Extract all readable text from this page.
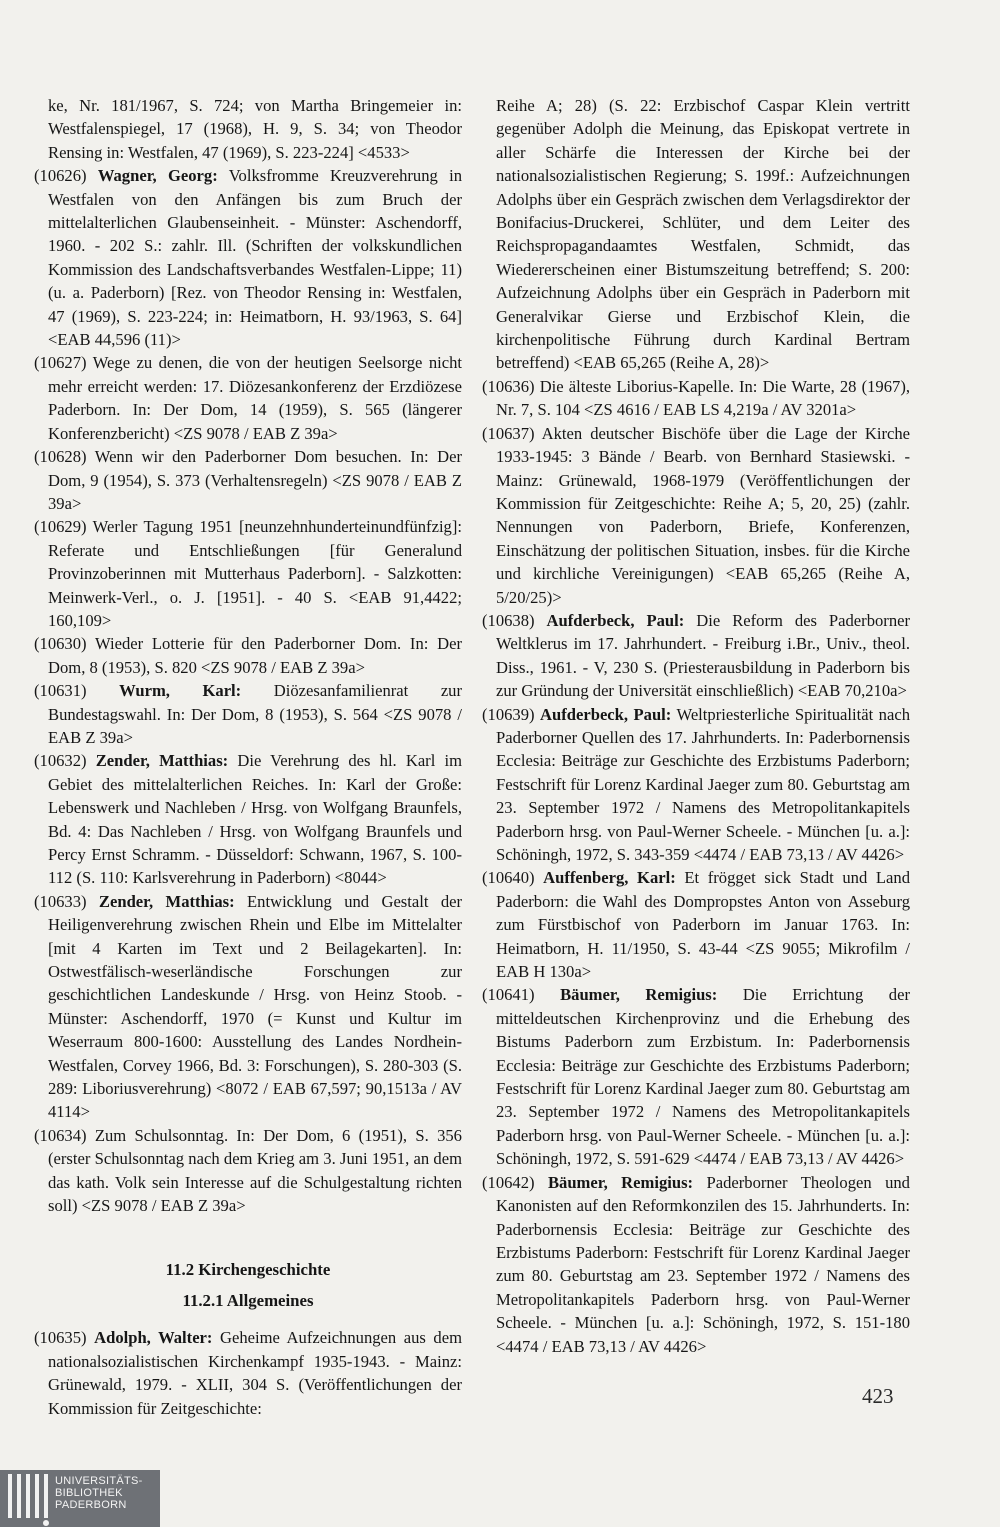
ke, Nr. 181/1967, S. 724; von Martha Bringemeier in: Westfalenspiegel, 17 (1968), H. 9, S. 34; von Theodor Rensing in: Westfalen, 47 (1969), S. 223-224] <4533>

(10626) Wagner, Georg: Volksfromme Kreuzverehrung in Westfalen von den Anfängen bis zum Bruch der mittelalterlichen Glaubenseinheit. - Münster: Aschendorff, 1960. - 202 S.: zahlr. Ill. (Schriften der volkskundlichen Kommission des Landschaftsverbandes Westfalen-Lippe; 11) (u. a. Paderborn) [Rez. von Theodor Rensing in: Westfalen, 47 (1969), S. 223-224; in: Heimatborn, H. 93/1963, S. 64] <EAB 44,596 (11)>

(10627) Wege zu denen, die von der heutigen Seelsorge nicht mehr erreicht werden: 17. Diözesankonferenz der Erzdiözese Paderborn. In: Der Dom, 14 (1959), S. 565 (längerer Konferenzbericht) <ZS 9078 / EAB Z 39a>

(10628) Wenn wir den Paderborner Dom besuchen. In: Der Dom, 9 (1954), S. 373 (Verhaltensregeln) <ZS 9078 / EAB Z 39a>

(10629) Werler Tagung 1951 [neunzehnhunderteinundfünfzig]: Referate und Entschließungen [für Generalund Provinzoberinnen mit Mutterhaus Paderborn]. - Salzkotten: Meinwerk-Verl., o. J. [1951]. - 40 S. <EAB 91,4422; 160,109>

(10630) Wieder Lotterie für den Paderborner Dom. In: Der Dom, 8 (1953), S. 820 <ZS 9078 / EAB Z 39a>

(10631) Wurm, Karl: Diözesanfamilienrat zur Bundestagswahl. In: Der Dom, 8 (1953), S. 564 <ZS 9078 / EAB Z 39a>

(10632) Zender, Matthias: Die Verehrung des hl. Karl im Gebiet des mittelalterlichen Reiches. In: Karl der Große: Lebenswerk und Nachleben / Hrsg. von Wolfgang Braunfels, Bd. 4: Das Nachleben / Hrsg. von Wolfgang Braunfels und Percy Ernst Schramm. - Düsseldorf: Schwann, 1967, S. 100-112 (S. 110: Karlsverehrung in Paderborn) <8044>

(10633) Zender, Matthias: Entwicklung und Gestalt der Heiligenverehrung zwischen Rhein und Elbe im Mittelalter [mit 4 Karten im Text und 2 Beilagekarten]. In: Ostwestfälisch-weserländische Forschungen zur geschichtlichen Landeskunde / Hrsg. von Heinz Stoob. - Münster: Aschendorff, 1970 (= Kunst und Kultur im Weserraum 800-1600: Ausstellung des Landes Nordhein-Westfalen, Corvey 1966, Bd. 3: Forschungen), S. 280-303 (S. 289: Liboriusverehrung) <8072 / EAB 67,597; 90,1513a / AV 4114>

(10634) Zum Schulsonntag. In: Der Dom, 6 (1951), S. 356 (erster Schulsonntag nach dem Krieg am 3. Juni 1951, an dem das kath. Volk sein Interesse auf die Schulgestaltung richten soll) <ZS 9078 / EAB Z 39a>

11.2 Kirchengeschichte

11.2.1 Allgemeines

(10635) Adolph, Walter: Geheime Aufzeichnungen aus dem nationalsozialistischen Kirchenkampf 1935-1943. - Mainz: Grünewald, 1979. - XLII, 304 S. (Veröffentlichungen der Kommission für Zeitgeschichte:

Reihe A; 28) (S. 22: Erzbischof Caspar Klein vertritt gegenüber Adolph die Meinung, das Episkopat vertrete in aller Schärfe die Interessen der Kirche bei der nationalsozialistischen Regierung; S. 199f.: Aufzeichnungen Adolphs über ein Gespräch zwischen dem Verlagsdirektor der Bonifacius-Druckerei, Schlüter, und dem Leiter des Reichspropagandaamtes Westfalen, Schmidt, das Wiedererscheinen einer Bistumszeitung betreffend; S. 200: Aufzeichnung Adolphs über ein Gespräch in Paderborn mit Generalvikar Gierse und Erzbischof Klein, die kirchenpolitische Führung durch Kardinal Bertram betreffend) <EAB 65,265 (Reihe A, 28)>

(10636) Die älteste Liborius-Kapelle. In: Die Warte, 28 (1967), Nr. 7, S. 104 <ZS 4616 / EAB LS 4,219a / AV 3201a>

(10637) Akten deutscher Bischöfe über die Lage der Kirche 1933-1945: 3 Bände / Bearb. von Bernhard Stasiewski. - Mainz: Grünewald, 1968-1979 (Veröffentlichungen der Kommission für Zeitgeschichte: Reihe A; 5, 20, 25) (zahlr. Nennungen von Paderborn, Briefe, Konferenzen, Einschätzung der politischen Situation, insbes. für die Kirche und kirchliche Vereinigungen) <EAB 65,265 (Reihe A, 5/20/25)>

(10638) Aufderbeck, Paul: Die Reform des Paderborner Weltklerus im 17. Jahrhundert. - Freiburg i.Br., Univ., theol. Diss., 1961. - V, 230 S. (Priesterausbildung in Paderborn bis zur Gründung der Universität einschließlich) <EAB 70,210a>

(10639) Aufderbeck, Paul: Weltpriesterliche Spiritualität nach Paderborner Quellen des 17. Jahrhunderts. In: Paderbornensis Ecclesia: Beiträge zur Geschichte des Erzbistums Paderborn; Festschrift für Lorenz Kardinal Jaeger zum 80. Geburtstag am 23. September 1972 / Namens des Metropolitankapitels Paderborn hrsg. von Paul-Werner Scheele. - München [u. a.]: Schöningh, 1972, S. 343-359 <4474 / EAB 73,13 / AV 4426>

(10640) Auffenberg, Karl: Et frögget sick Stadt und Land Paderborn: die Wahl des Dompropstes Anton von Asseburg zum Fürstbischof von Paderborn im Januar 1763. In: Heimatborn, H. 11/1950, S. 43-44 <ZS 9055; Mikrofilm / EAB H 130a>

(10641) Bäumer, Remigius: Die Errichtung der mitteldeutschen Kirchenprovinz und die Erhebung des Bistums Paderborn zum Erzbistum. In: Paderbornensis Ecclesia: Beiträge zur Geschichte des Erzbistums Paderborn; Festschrift für Lorenz Kardinal Jaeger zum 80. Geburtstag am 23. September 1972 / Namens des Metropolitankapitels Paderborn hrsg. von Paul-Werner Scheele. - München [u. a.]: Schöningh, 1972, S. 591-629 <4474 / EAB 73,13 / AV 4426>

(10642) Bäumer, Remigius: Paderborner Theologen und Kanonisten auf den Reformkonzilen des 15. Jahrhunderts. In: Paderbornensis Ecclesia: Beiträge zur Geschichte des Erzbistums Paderborn: Festschrift für Lorenz Kardinal Jaeger zum 80. Geburtstag am 23. September 1972 / Namens des Metropolitankapitels Paderborn hrsg. von Paul-Werner Scheele. - München [u. a.]: Schöningh, 1972, S. 151-180 <4474 / EAB 73,13 / AV 4426>

423
UNIVERSITÄTS-
BIBLIOTHEK
PADERBORN
